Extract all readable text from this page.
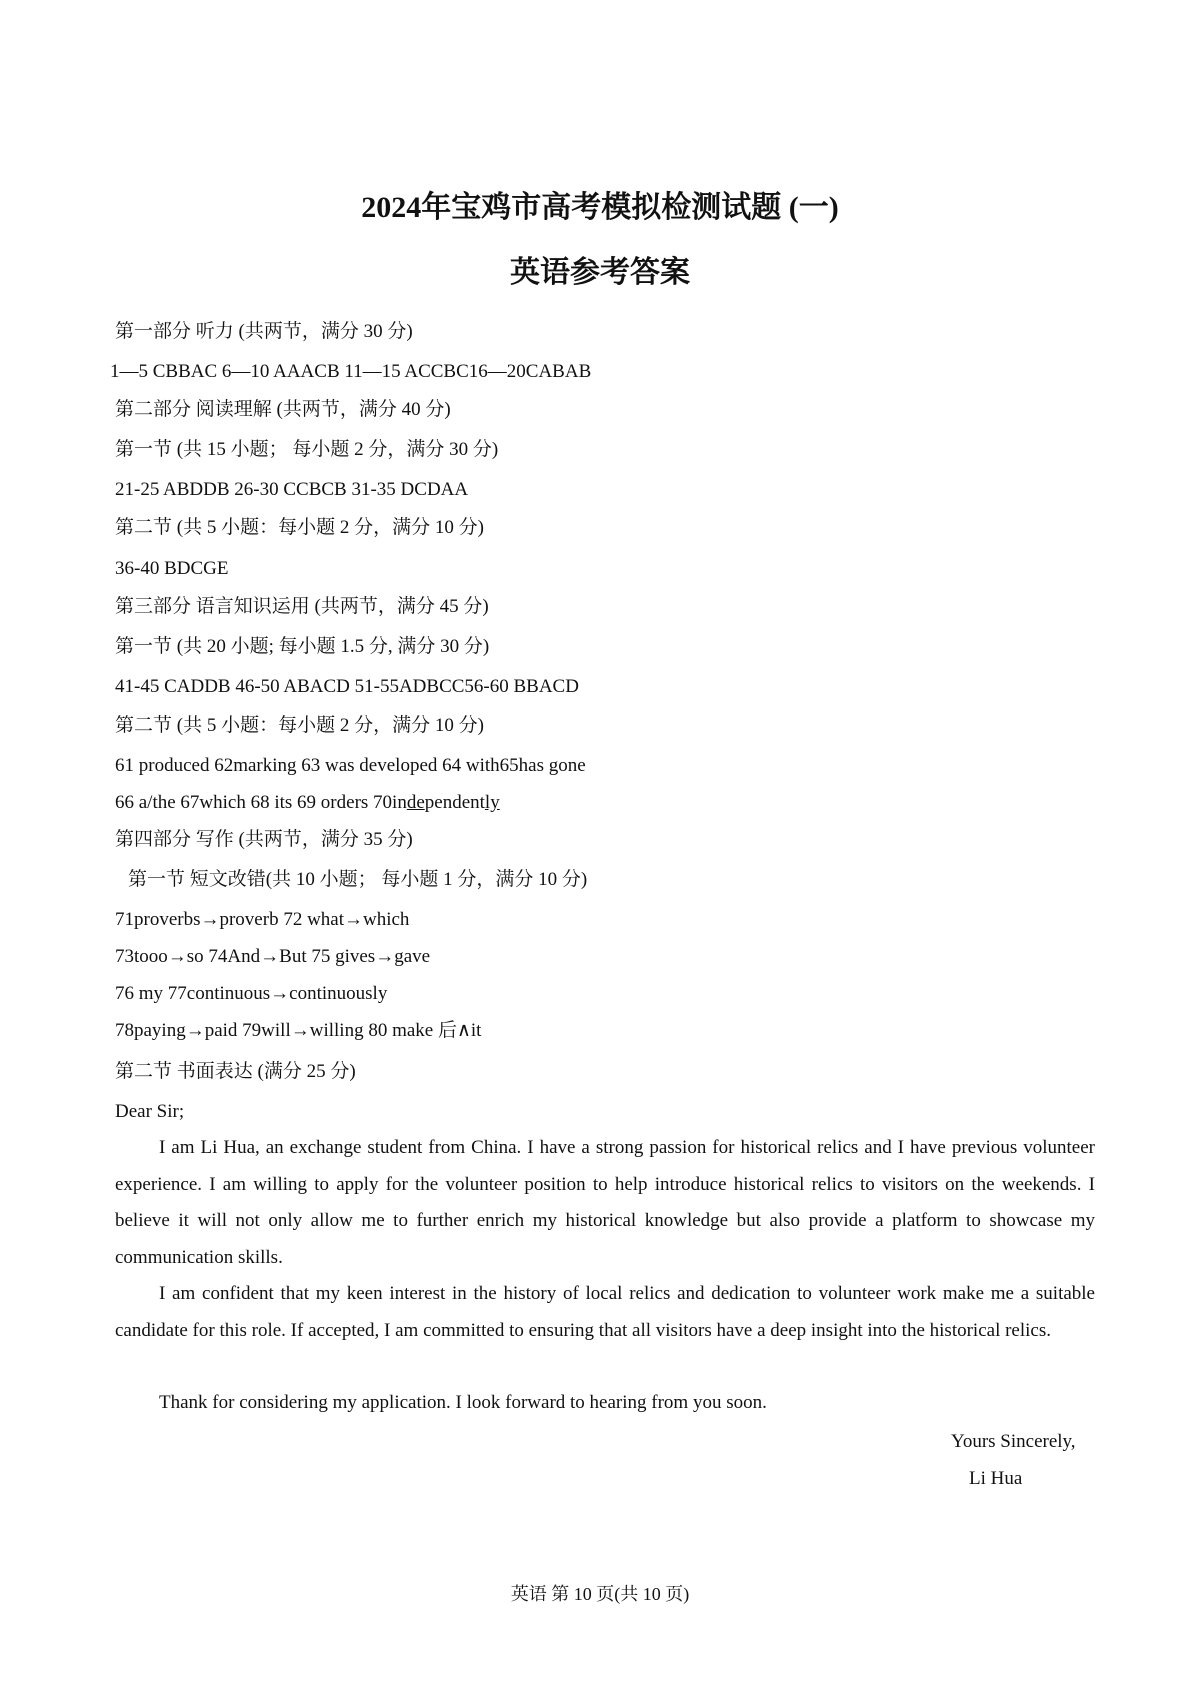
2024年宝鸡市高考模拟检测试题 (一)
英语参考答案
第一部分 听力 (共两节，满分 30 分)
1—5 CBBAC 6—10 AAACB 11—15 ACCBC16—20CABAB
第二部分 阅读理解 (共两节，满分 40 分)
第一节 (共 15 小题； 每小题 2 分，满分 30 分)
21-25 ABDDB 26-30 CCBCB 31-35 DCDAA
第二节 (共 5 小题：每小题 2 分，满分 10 分)
36-40 BDCGE
第三部分 语言知识运用 (共两节，满分 45 分)
第一节 (共 20 小题; 每小题 1.5 分, 满分 30 分)
41-45 CADDB 46-50 ABACD 51-55ADBCC56-60 BBACD
第二节 (共 5 小题：每小题 2 分，满分 10 分)
61 produced 62marking 63 was developed 64 with65has gone
66 a/the 67which 68 its 69 orders 70independently
第四部分 写作 (共两节，满分 35 分)
第一节 短文改错(共 10 小题； 每小题 1 分，满分 10 分)
71proverbs→proverb 72 what→which
73tooo→so 74And→But 75 gives→gave
76 my 77continuous→continuously
78paying→paid 79will→willing 80 make 后∧it
第二节 书面表达 (满分 25 分)
Dear Sir;

I am Li Hua, an exchange student from China. I have a strong passion for historical relics and I have previous volunteer experience. I am willing to apply for the volunteer position to help introduce historical relics to visitors on the weekends. I believe it will not only allow me to further enrich my historical knowledge but also provide a platform to showcase my communication skills.

I am confident that my keen interest in the history of local relics and dedication to volunteer work make me a suitable candidate for this role. If accepted, I am committed to ensuring that all visitors have a deep insight into the historical relics.

Thank for considering my application. I look forward to hearing from you soon.

Yours Sincerely,
Li Hua
英语 第 10 页(共 10 页)
